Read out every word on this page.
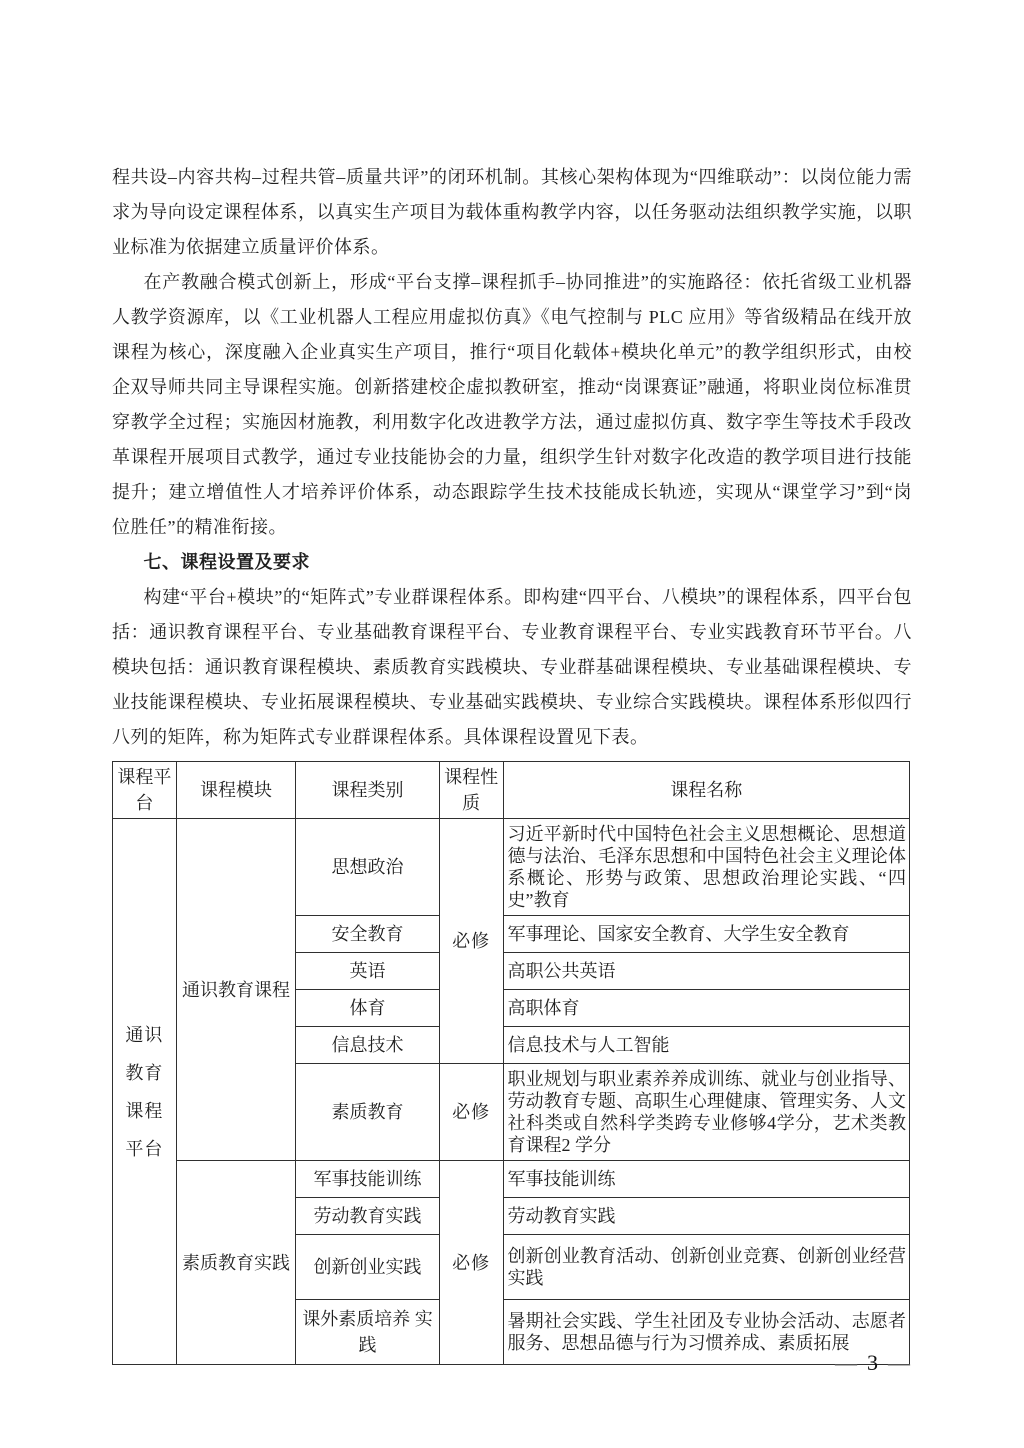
程共设–内容共构–过程共管–质量共评”的闭环机制。其核心架构体现为“四维联动”：以岗位能力需求为导向设定课程体系，以真实生产项目为载体重构教学内容，以任务驱动法组织教学实施，以职业标准为依据建立质量评价体系。

在产教融合模式创新上，形成“平台支撑–课程抓手–协同推进”的实施路径：依托省级工业机器人教学资源库，以《工业机器人工程应用虚拟仿真》《电气控制与 PLC 应用》等省级精品在线开放课程为核心，深度融入企业真实生产项目，推行“项目化载体+模块化单元”的教学组织形式，由校企双导师共同主导课程实施。创新搭建校企虚拟教研室，推动“岗课赛证”融通，将职业岗位标准贯穿教学全过程；实施因材施教，利用数字化改进教学方法，通过虚拟仿真、数字孪生等技术手段改革课程开展项目式教学，通过专业技能协会的力量，组织学生针对数字化改造的教学项目进行技能提升；建立增值性人才培养评价体系，动态跟踪学生技术技能成长轨迹，实现从“课堂学习”到“岗位胜任”的精准衔接。

七、课程设置及要求

构建“平台+模块”的“矩阵式”专业群课程体系。即构建“四平台、八模块”的课程体系，四平台包括：通识教育课程平台、专业基础教育课程平台、专业教育课程平台、专业实践教育环节平台。八模块包括：通识教育课程模块、素质教育实践模块、专业群基础课程模块、专业基础课程模块、专业技能课程模块、专业拓展课程模块、专业基础实践模块、专业综合实践模块。课程体系形似四行八列的矩阵，称为矩阵式专业群课程体系。具体课程设置见下表。

课程平台	课程模块	课程类别	课程性质	课程名称

通识
教育
课程
平台	通识教育课程	思想政治	必修	习近平新时代中国特色社会主义思想概论、思想道德与法治、毛泽东思想和中国特色社会主义理论体系概论、形势与政策、思想政治理论实践、“四史”教育
		安全教育		军事理论、国家安全教育、大学生安全教育
		英语		高职公共英语
		体育		高职体育
		信息技术		信息技术与人工智能
		素质教育	必修	职业规划与职业素养养成训练、就业与创业指导、劳动教育专题、高职生心理健康、管理实务、人文社科类或自然科学类跨专业修够4学分，艺术类教育课程2 学分
	素质教育实践	军事技能训练	必修	军事技能训练
		劳动教育实践		劳动教育实践
		创新创业实践		创新创业教育活动、创新创业竞赛、创新创业经营实践
		课外素质培养 实践		暑期社会实践、学生社团及专业协会活动、志愿者服务、思想品德与行为习惯养成、素质拓展
— 3 —
